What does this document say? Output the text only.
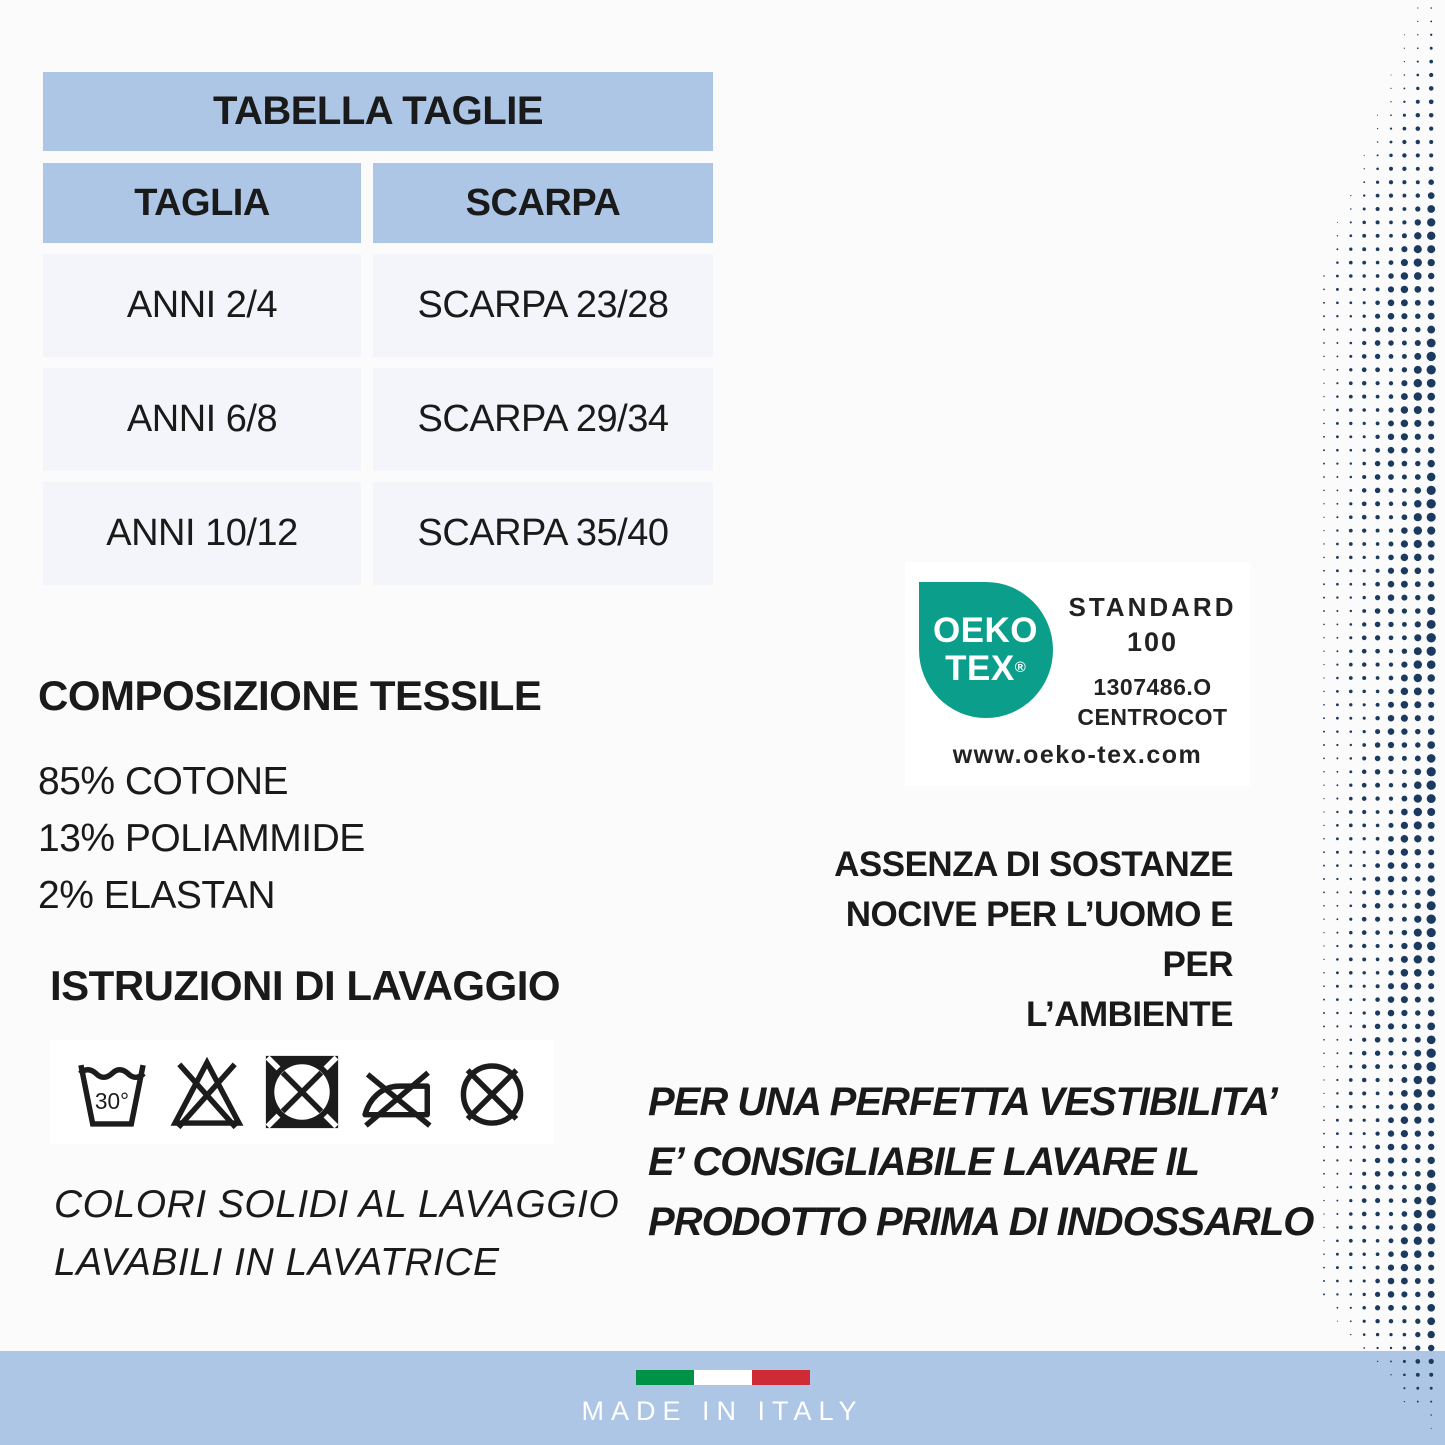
TABELLA TAGLIE
TAGLIA	SCARPA
ANNI 2/4	SCARPA 23/28
ANNI 6/8	SCARPA 29/34
ANNI 10/12	SCARPA 35/40
COMPOSIZIONE TESSILE
85% COTONE
13% POLIAMMIDE
2% ELASTAN
ISTRUZIONI DI LAVAGGIO
30°
COLORI SOLIDI AL LAVAGGIO
LAVABILI IN LAVATRICE
OEKO
TEX®
STANDARD
100
1307486.O
CENTROCOT
www.oeko-tex.com
ASSENZA DI SOSTANZE
NOCIVE PER L’UOMO E PER
L’AMBIENTE
PER UNA PERFETTA VESTIBILITA’
E’ CONSIGLIABILE LAVARE IL
PRODOTTO PRIMA DI INDOSSARLO
MADE IN ITALY
